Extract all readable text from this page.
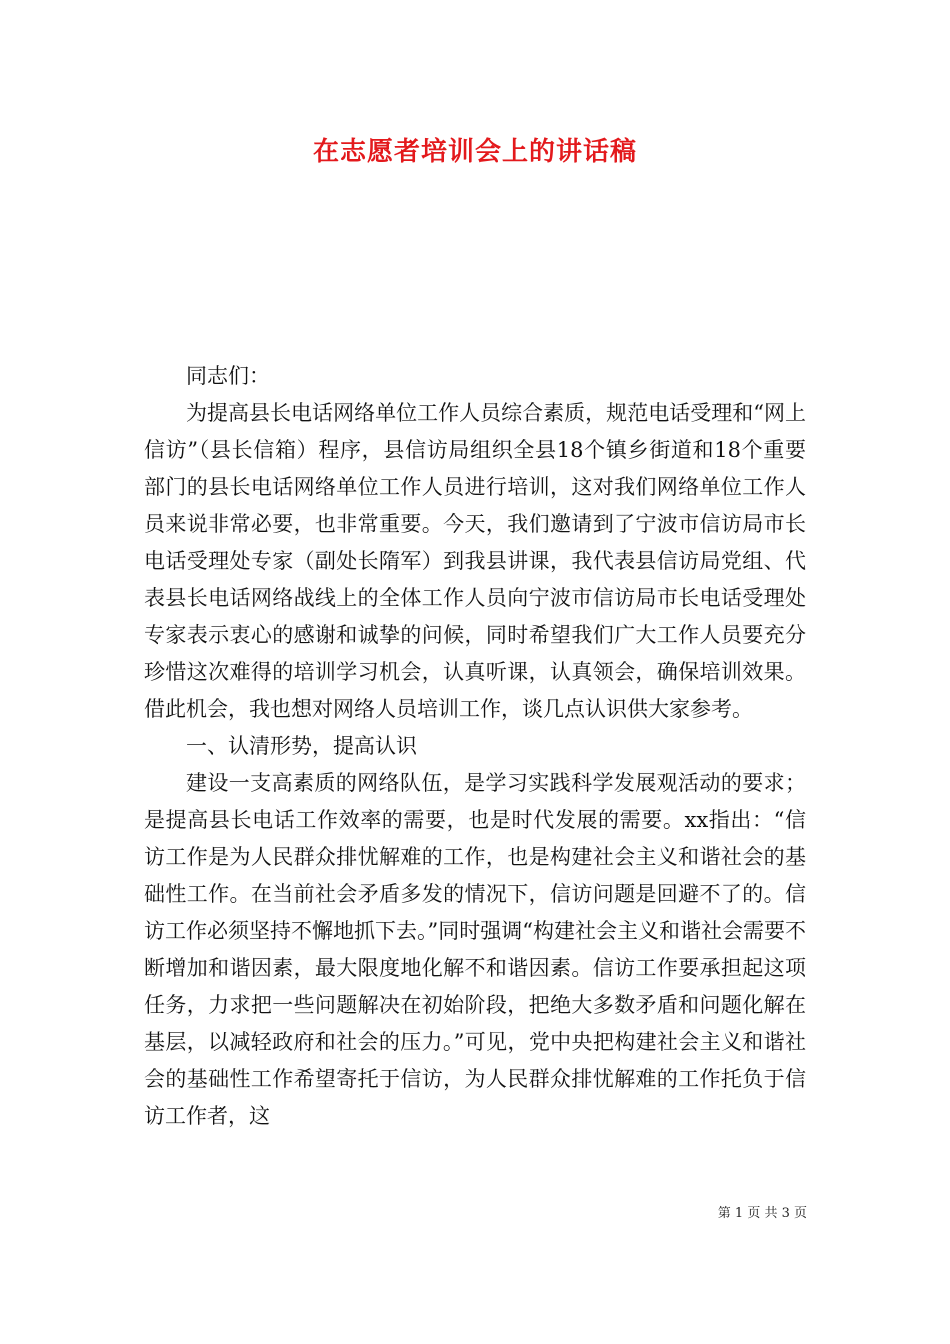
在志愿者培训会上的讲话稿

同志们：

为提高县长电话网络单位工作人员综合素质，规范电话受理和“网上信访”（县长信箱）程序，县信访局组织全县18个镇乡街道和18个重要部门的县长电话网络单位工作人员进行培训，这对我们网络单位工作人员来说非常必要，也非常重要。今天，我们邀请到了宁波市信访局市长电话受理处专家（副处长隋军）到我县讲课，我代表县信访局党组、代表县长电话网络战线上的全体工作人员向宁波市信访局市长电话受理处专家表示衷心的感谢和诚挚的问候，同时希望我们广大工作人员要充分珍惜这次难得的培训学习机会，认真听课，认真领会，确保培训效果。借此机会，我也想对网络人员培训工作，谈几点认识供大家参考。

一、认清形势，提高认识

建设一支高素质的网络队伍，是学习实践科学发展观活动的要求；是提高县长电话工作效率的需要，也是时代发展的需要。xx指出：“信访工作是为人民群众排忧解难的工作，也是构建社会主义和谐社会的基础性工作。在当前社会矛盾多发的情况下，信访问题是回避不了的。信访工作必须坚持不懈地抓下去。”同时强调“构建社会主义和谐社会需要不断增加和谐因素，最大限度地化解不和谐因素。信访工作要承担起这项任务，力求把一些问题解决在初始阶段，把绝大多数矛盾和问题化解在基层，以减轻政府和社会的压力。”可见，党中央把构建社会主义和谐社会的基础性工作希望寄托于信访，为人民群众排忧解难的工作托负于信访工作者，这

第 1 页 共 3 页
